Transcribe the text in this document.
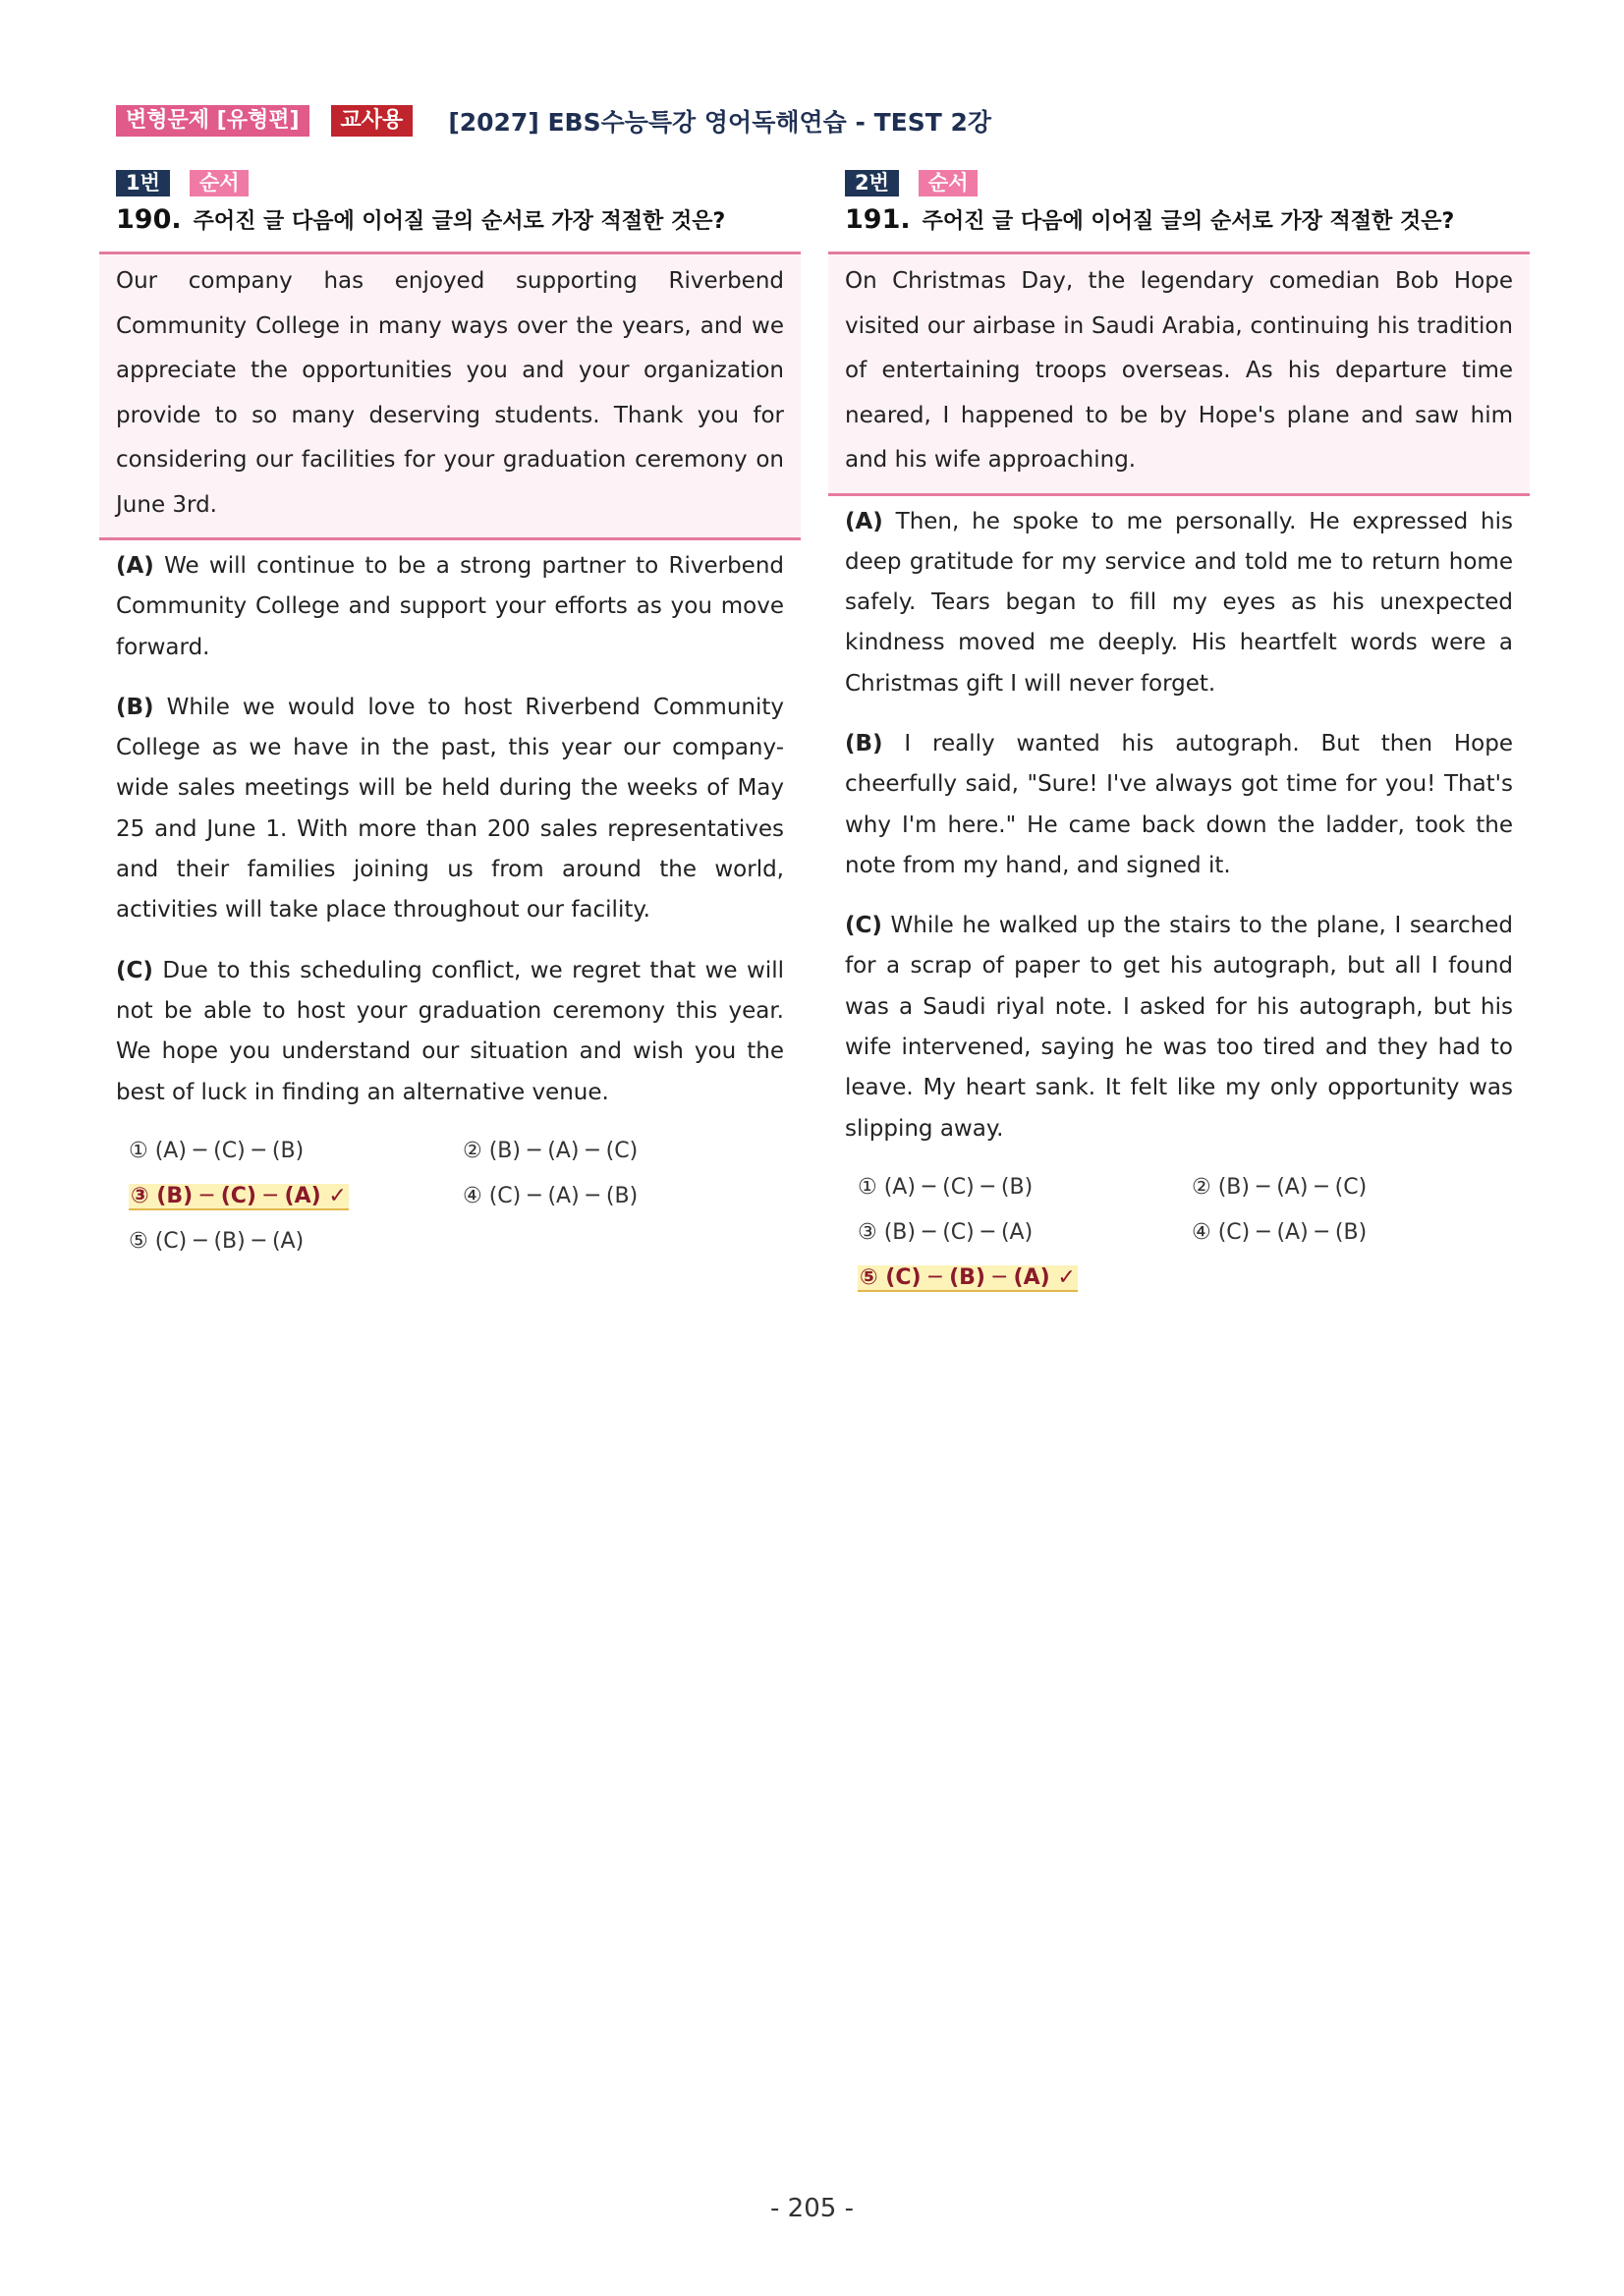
변형문제 [유형편]	교사용	[2027] EBS수능특강 영어독해연습 - TEST 2강
1번	순서
190. 주어진 글 다음에 이어질 글의 순서로 가장 적절한 것은?
Our company has enjoyed supporting Riverbend Community College in many ways over the years, and we appreciate the opportunities you and your organization provide to so many deserving students. Thank you for considering our facilities for your graduation ceremony on June 3rd.

(A) We will continue to be a strong partner to Riverbend Community College and support your efforts as you move forward.

(B) While we would love to host Riverbend Community College as we have in the past, this year our company-wide sales meetings will be held during the weeks of May 25 and June 1. With more than 200 sales representatives and their families joining us from around the world, activities will take place throughout our facility.

(C) Due to this scheduling conflict, we regret that we will not be able to host your graduation ceremony this year. We hope you understand our situation and wish you the best of luck in finding an alternative venue.

① (A) ─ (C) ─ (B)	② (B) ─ (A) ─ (C)
③ (B) ─ (C) ─ (A) ✓	④ (C) ─ (A) ─ (B)
⑤ (C) ─ (B) ─ (A)
2번	순서
191. 주어진 글 다음에 이어질 글의 순서로 가장 적절한 것은?
On Christmas Day, the legendary comedian Bob Hope visited our airbase in Saudi Arabia, continuing his tradition of entertaining troops overseas. As his departure time neared, I happened to be by Hope's plane and saw him and his wife approaching.

(A) Then, he spoke to me personally. He expressed his deep gratitude for my service and told me to return home safely. Tears began to fill my eyes as his unexpected kindness moved me deeply. His heartfelt words were a Christmas gift I will never forget.

(B) I really wanted his autograph. But then Hope cheerfully said, "Sure! I've always got time for you! That's why I'm here." He came back down the ladder, took the note from my hand, and signed it.

(C) While he walked up the stairs to the plane, I searched for a scrap of paper to get his autograph, but all I found was a Saudi riyal note. I asked for his autograph, but his wife intervened, saying he was too tired and they had to leave. My heart sank. It felt like my only opportunity was slipping away.

① (A) ─ (C) ─ (B)	② (B) ─ (A) ─ (C)
③ (B) ─ (C) ─ (A)	④ (C) ─ (A) ─ (B)
⑤ (C) ─ (B) ─ (A) ✓
- 205 -
